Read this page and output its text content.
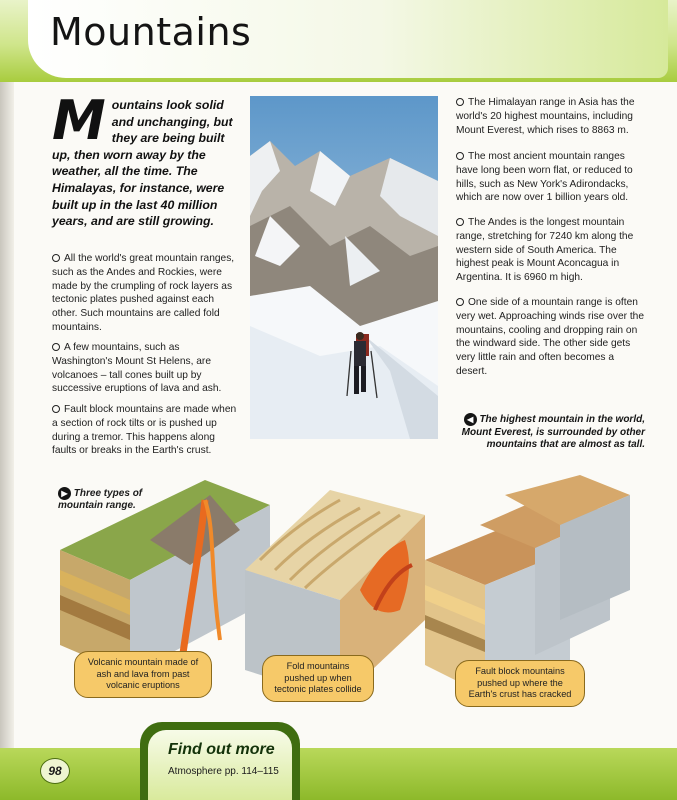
Mountains
M ountains look solid and unchanging, but they are being built up, then worn away by the weather, all the time. The Himalayas, for instance, were built up in the last 40 million years, and are still growing.
All the world's great mountain ranges, such as the Andes and Rockies, were made by the crumpling of rock layers as tectonic plates pushed against each other. Such mountains are called fold mountains.
A few mountains, such as Washington's Mount St Helens, are volcanoes – tall cones built up by successive eruptions of lava and ash.
Fault block mountains are made when a section of rock tilts or is pushed up during a tremor. This happens along faults or breaks in the Earth's crust.
The Himalayan range in Asia has the world's 20 highest mountains, including Mount Everest, which rises to 8863 m.
The most ancient mountain ranges have long been worn flat, or reduced to hills, such as New York's Adirondacks, which are now over 1 billion years old.
The Andes is the longest mountain range, stretching for 7240 km along the western side of South America. The highest peak is Mount Aconcagua in Argentina. It is 6960 m high.
One side of a mountain range is often very wet. Approaching winds rise over the mountains, cooling and dropping rain on the windward side. The other side gets very little rain and often becomes a desert.
◀ The highest mountain in the world, Mount Everest, is surrounded by other mountains that are almost as tall.
▶ Three types of mountain range.
Volcanic mountain made of ash and lava from past volcanic eruptions
Fold mountains pushed up when tectonic plates collide
Fault block mountains pushed up where the Earth's crust has cracked
98
Find out more
Atmosphere pp. 114–115
